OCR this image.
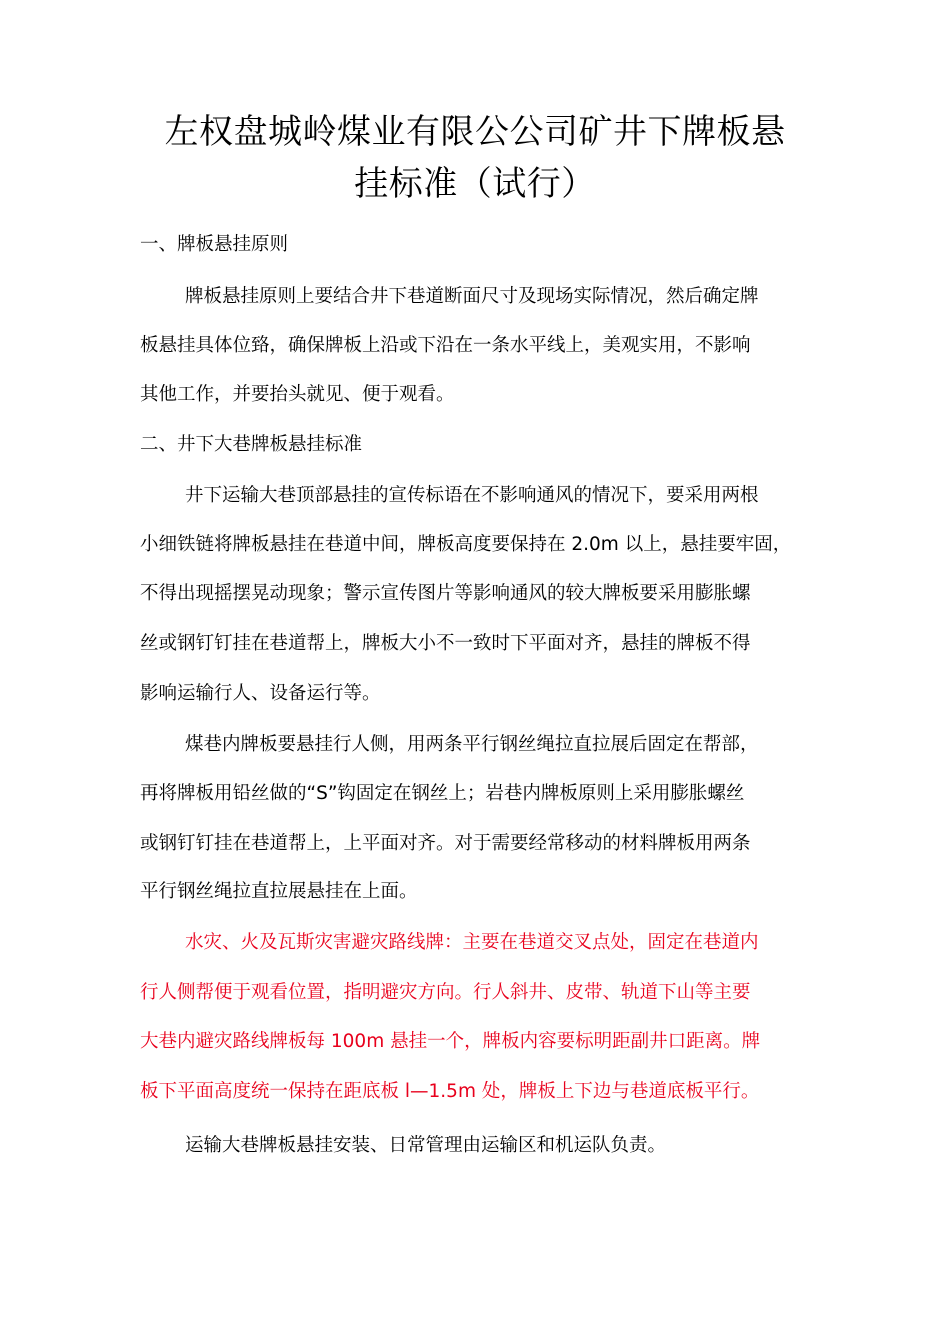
左权盘城岭煤业有限公公司矿井下牌板悬
挂标准（试行）
一、牌板悬挂原则
牌板悬挂原则上要结合井下巷道断面尺寸及现场实际情况，然后确定牌
板悬挂具体位臵，确保牌板上沿或下沿在一条水平线上，美观实用，不影响
其他工作，并要抬头就见、便于观看。
二、井下大巷牌板悬挂标准
井下运输大巷顶部悬挂的宣传标语在不影响通风的情况下，要采用两根
小细铁链将牌板悬挂在巷道中间，牌板高度要保持在 2.0m 以上，悬挂要牢固，
不得出现摇摆晃动现象；警示宣传图片等影响通风的较大牌板要采用膨胀螺
丝或钢钉钉挂在巷道帮上，牌板大小不一致时下平面对齐，悬挂的牌板不得
影响运输行人、设备运行等。
煤巷内牌板要悬挂行人侧，用两条平行钢丝绳拉直拉展后固定在帮部，
再将牌板用铅丝做的“S”钩固定在钢丝上；岩巷内牌板原则上采用膨胀螺丝
或钢钉钉挂在巷道帮上，上平面对齐。对于需要经常移动的材料牌板用两条
平行钢丝绳拉直拉展悬挂在上面。
水灾、火及瓦斯灾害避灾路线牌：主要在巷道交叉点处，固定在巷道内
行人侧帮便于观看位置，指明避灾方向。行人斜井、皮带、轨道下山等主要
大巷内避灾路线牌板每 100m 悬挂一个，牌板内容要标明距副井口距离。牌
板下平面高度统一保持在距底板 l—1.5m 处，牌板上下边与巷道底板平行。
运输大巷牌板悬挂安装、日常管理由运输区和机运队负责。
